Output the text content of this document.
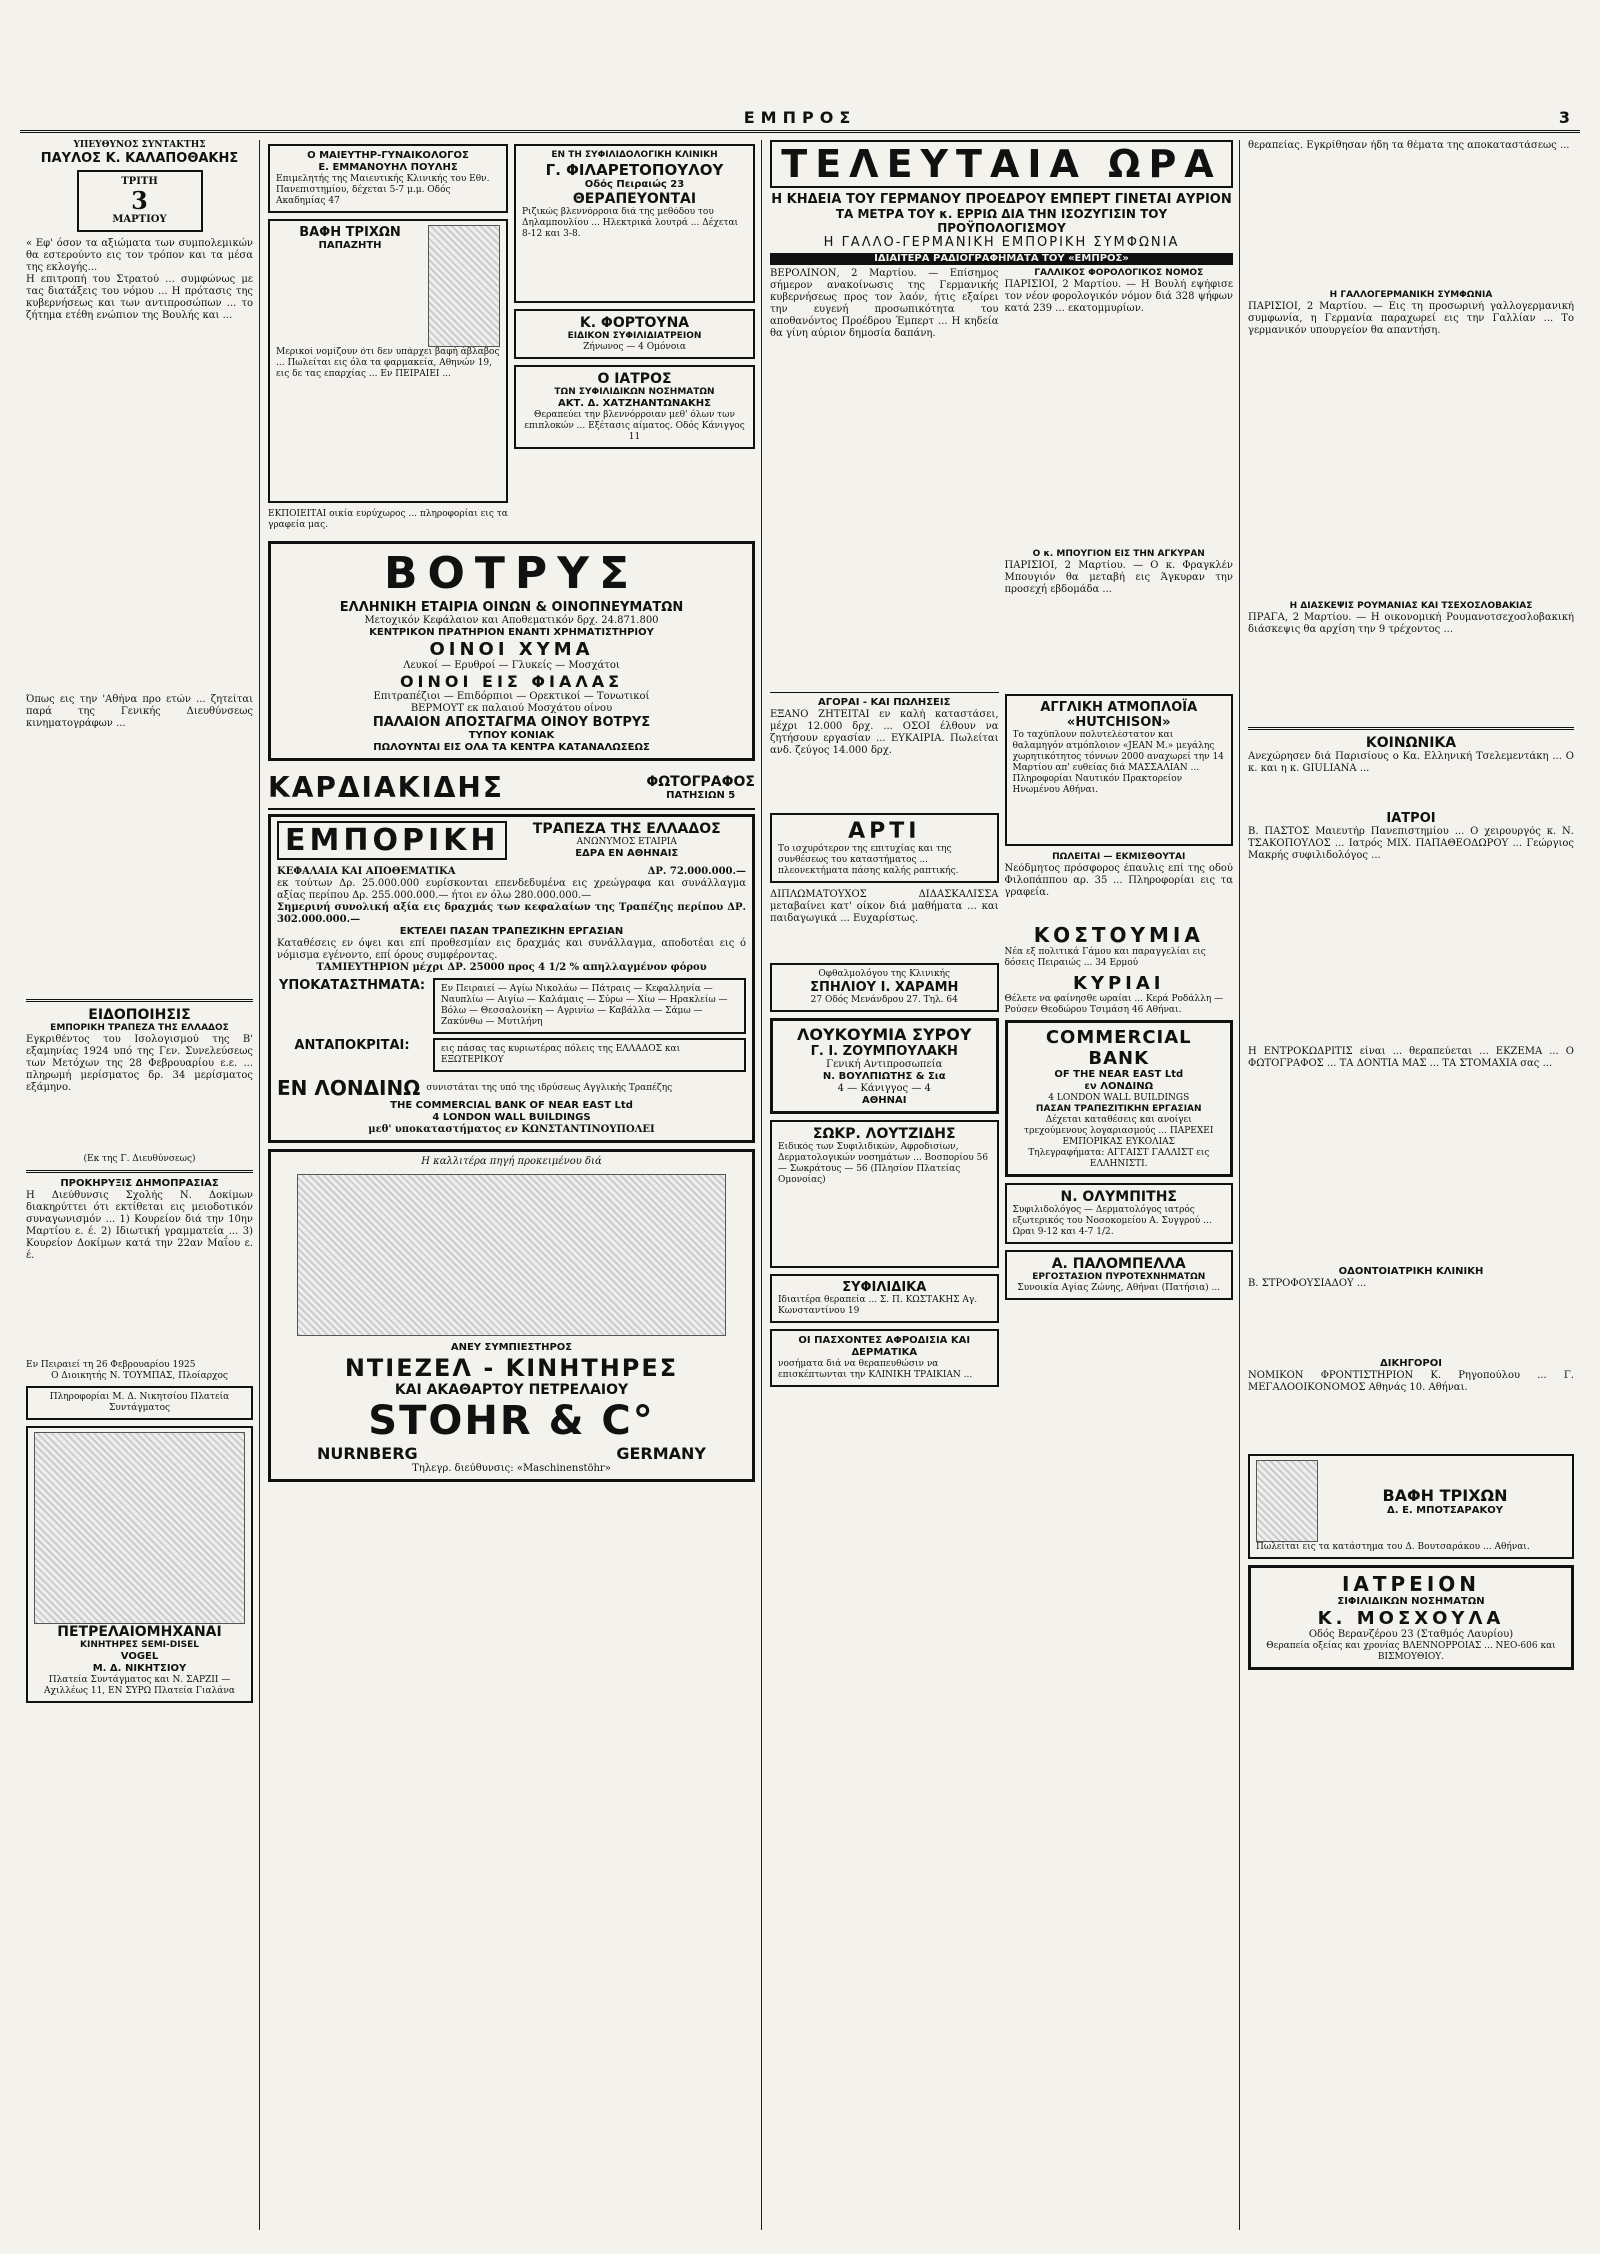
ΕΜΠΡΟΣ	3
ΥΠΕΥΘΥΝΟΣ ΣΥΝΤΑΚΤΗΣ
ΠΑΥΛΟΣ Κ. ΚΑΛΑΠΟΘΑΚΗΣ
ΤΡΙΤΗ
3
ΜΑΡΤΙΟΥ
« Εφ' όσον τα αξιώματα των συμπολεμικών θα εστερούντο εις τον τρόπον και τα μέσα της εκλογής...
Η επιτροπή του Στρατού ... συμφώνως με τας διατάξεις του νόμου ... Η πρότασις της κυβερνήσεως και των αντιπροσώπων ... το ζήτημα ετέθη ενώπιον της Βουλής και ...
Όπως εις την 'Αθήνα προ ετών ... ζητείται παρά της Γενικής Διευθύνσεως κινηματογράφων ...
ΕΙΔΟΠΟΙΗΣΙΣ
ΕΜΠΟΡΙΚΗ ΤΡΑΠΕΖΑ ΤΗΣ ΕΛΛΑΔΟΣ
Εγκριθέντος του Ισολογισμού της Β' εξαμηνίας 1924 υπό της Γεν. Συνελεύσεως των Μετόχων της 28 Φεβρουαρίου ε.ε. ... πληρωμή μερίσματος δρ. 34 μερίσματος εξάμηνο.
(Εκ της Γ. Διευθύνσεως)
ΠΡΟΚΗΡΥΞΙΣ ΔΗΜΟΠΡΑΣΙΑΣ
Η Διεύθυνσις Σχολής Ν. Δοκίμων διακηρύττει ότι εκτίθεται εις μειοδοτικόν συναγωνισμόν ... 1) Κουρείον διά την 10ην Μαρτίου ε. έ. 2) Ιδιωτική γραμματεία ... 3) Κουρείον Δοκίμων κατά την 22αν Μαΐου ε. έ.
Εν Πειραιεί τη 26 Φεβρουαρίου 1925
Ο Διοικητής Ν. ΤΟΥΜΠΑΣ, Πλοίαρχος
Πληροφορίαι Μ. Δ. Νικητσίου Πλατεία Συντάγματος
ΠΕΤΡΕΛΑΙΟΜΗΧΑΝΑΙ
ΚΙΝΗΤΗΡΕΣ SEMI-DISEL
VOGEL
Μ. Δ. ΝΙΚΗΤΣΙΟΥ
Πλατεία Συντάγματος και Ν. ΣΑΡΖΙΙ — Αχιλλέως 11, ΕΝ ΣΥΡΩ Πλατεία Γιαλάνα
Ο ΜΑΙΕΥΤΗΡ-ΓΥΝΑΙΚΟΛΟΓΟΣ
Ε. ΕΜΜΑΝΟΥΗΛ ΠΟΥΛΗΣ
Επιμελητής της Μαιευτικής Κλινικής του Εθν. Πανεπιστημίου, δέχεται 5-7 μ.μ. Οδός Ακαδημίας 47
ΒΑΦΗ ΤΡΙΧΩΝ
ΠΑΠΑΖΗΤΗ
Μερικοί νομίζουν ότι δεν υπάρχει βαφή άβλαβος ... Πωλείται εις όλα τα φαρμακεία, Αθηνών 19, εις δε τας επαρχίας ... Εν ΠΕΙΡΑΙΕΙ ...
ΕΚΠΟΙΕΙΤΑΙ οικία ευρύχωρος ... πληροφορίαι εις τα γραφεία μας.
ΕΝ ΤΗ ΣΥΦΙΛΙΔΟΛΟΓΙΚΗ ΚΛΙΝΙΚΗ
Γ. ΦΙΛΑΡΕΤΟΠΟΥΛΟΥ
Οδός Πειραιώς 23
ΘΕΡΑΠΕΥΟΝΤΑΙ
Ριζικώς βλεννόρροια διά της μεθόδου του Δηλαμπουλίου ... Ηλεκτρικά λουτρά ... Δέχεται 8-12 και 3-8.
Κ. ΦΟΡΤΟΥΝΑ
ΕΙΔΙΚΟΝ ΣΥΦΙΛΙΔΙΑΤΡΕΙΟΝ
Ζήνωνος — 4 Ομόνοια
Ο ΙΑΤΡΟΣ
ΤΩΝ ΣΥΦΙΛΙΔΙΚΩΝ ΝΟΣΗΜΑΤΩΝ
ΑΚΤ. Δ. ΧΑΤΖΗΑΝΤΩΝΑΚΗΣ
Θεραπεύει την βλεννόρροιαν μεθ' όλων των επιπλοκών ... Εξέτασις αίματος. Οδός Κάνιγγος 11
ΒΟΤΡΥΣ
ΕΛΛΗΝΙΚΗ ΕΤΑΙΡΙΑ ΟΙΝΩΝ & ΟΙΝΟΠΝΕΥΜΑΤΩΝ
Μετοχικόν Κεφάλαιον και Αποθεματικόν δρχ. 24.871.800
ΚΕΝΤΡΙΚΟΝ ΠΡΑΤΗΡΙΟΝ ΕΝΑΝΤΙ ΧΡΗΜΑΤΙΣΤΗΡΙΟΥ
ΟΙΝΟΙ ΧΥΜΑ
Λευκοί — Ερυθροί — Γλυκείς — Μοσχάτοι
ΟΙΝΟΙ ΕΙΣ ΦΙΑΛΑΣ
Επιτραπέζιοι — Επιδόρπιοι — Ορεκτικοί — Τονωτικοί
ΒΕΡΜΟΥΤ εκ παλαιού Μοσχάτου οίνου
ΠΑΛΑΙΟΝ ΑΠΟΣΤΑΓΜΑ ΟΙΝΟΥ ΒΟΤΡΥΣ
ΤΥΠΟΥ ΚΟΝΙΑΚ
ΠΩΛΟΥΝΤΑΙ ΕΙΣ ΟΛΑ ΤΑ ΚΕΝΤΡΑ ΚΑΤΑΝΑΛΩΣΕΩΣ
ΚΑΡΔΙΑΚΙΔΗΣ	ΦΩΤΟΓΡΑΦΟΣ
ΠΑΤΗΣΙΩΝ 5
ΕΜΠΟΡΙΚΗ	ΤΡΑΠΕΖΑ ΤΗΣ ΕΛΛΑΔΟΣ
ΑΝΩΝΥΜΟΣ ΕΤΑΙΡΙΑ
ΕΔΡΑ ΕΝ ΑΘΗΝΑΙΣ
ΚΕΦΑΛΑΙΑ ΚΑΙ ΑΠΟΘΕΜΑΤΙΚΑ	ΔΡ. 72.000.000.—
εκ τούτων Δρ. 25.000.000 ευρίσκονται επενδεδυμένα εις χρεώγραφα και συνάλλαγμα αξίας περίπου Δρ. 255.000.000.— ήτοι εν όλω 280.000.000.—
Σημερινή συνολική αξία εις δραχμάς των κεφαλαίων της Τραπέζης περίπου ΔΡ. 302.000.000.—
ΕΚΤΕΛΕΙ ΠΑΣΑΝ ΤΡΑΠΕΖΙΚΗΝ ΕΡΓΑΣΙΑΝ
Καταθέσεις εν όψει και επί προθεσμίαν εις δραχμάς και συνάλλαγμα, αποδοτέαι εις ό νόμισμα εγένοντο, επί όρους συμφέροντας.
ΤΑΜΙΕΥΤΗΡΙΟΝ μέχρι ΔΡ. 25000 προς 4 1/2 % απηλλαγμένον φόρου
ΥΠΟΚΑΤΑΣΤΗΜΑΤΑ:	Εν Πειραιεί — Αγίω Νικολάω — Πάτραις — Κεφαλληνία — Ναυπλίω — Αιγίω — Καλάμαις — Σύρω — Χίω — Ηρακλείω — Βόλω — Θεσσαλονίκη — Αγρινίω — Καβάλλα — Σάμω — Ζακύνθω — Μυτιλήνη
ΑΝΤΑΠΟΚΡΙΤΑΙ:	εις πάσας τας κυριωτέρας πόλεις της ΕΛΛΑΔΟΣ και ΕΞΩΤΕΡΙΚΟΥ
ΕΝ ΛΟΝΔΙΝΩ συνιστάται της υπό της ιδρύσεως Αγγλικής Τραπέζης
THE COMMERCIAL BANK OF NEAR EAST Ltd
4 LONDON WALL BUILDINGS
μεθ' υποκαταστήματος εν ΚΩΝΣΤΑΝΤΙΝΟΥΠΟΛΕΙ
Η καλλιτέρα πηγή προκειμένου διά
ΑΝΕΥ ΣΥΜΠΙΕΣΤΗΡΟΣ
ΝΤΙΕΖΕΛ - ΚΙΝΗΤΗΡΕΣ
ΚΑΙ ΑΚΑΘΑΡΤΟΥ ΠΕΤΡΕΛΑΙΟΥ
STOHR & C°
NURNBERG	GERMANY
Τηλεγρ. διεύθυνσις: «Maschinenstöhr»
ΤΕΛΕΥΤΑΙΑ ΩΡΑ
Η ΚΗΔΕΙΑ ΤΟΥ ΓΕΡΜΑΝΟΥ ΠΡΟΕΔΡΟΥ ΕΜΠΕΡΤ ΓΙΝΕΤΑΙ ΑΥΡΙΟΝ
ΤΑ ΜΕΤΡΑ ΤΟΥ κ. ΕΡΡΙΩ ΔΙΑ ΤΗΝ ΙΣΟΖΥΓΙΣΙΝ ΤΟΥ ΠΡΟΫΠΟΛΟΓΙΣΜΟΥ
Η ΓΑΛΛΟ-ΓΕΡΜΑΝΙΚΗ ΕΜΠΟΡΙΚΗ ΣΥΜΦΩΝΙΑ
ΙΔΙΑΙΤΕΡΑ ΡΑΔΙΟΓΡΑΦΗΜΑΤΑ ΤΟΥ «ΕΜΠΡΟΣ»
ΒΕΡΟΛΙΝΟΝ, 2 Μαρτίου. — Επίσημος σήμερον ανακοίνωσις της Γερμανικής κυβερνήσεως προς τον λαόν, ήτις εξαίρει την ευγενή προσωπικότητα του αποθανόντος Προέδρου Έμπερτ ... Η κηδεία θα γίνη αύριον δημοσία δαπάνη.
ΑΓΟΡΑΙ - ΚΑΙ ΠΩΛΗΣΕΙΣ
ΕΞΑΝΟ ΖΗΤΕΙΤΑΙ εν καλή καταστάσει, μέχρι 12.000 δρχ. ... ΟΣΟΙ έλθουν να ζητήσουν εργασίαν ... ΕΥΚΑΙΡΙΑ. Πωλείται ανδ. ζεύγος 14.000 δρχ.
ΑΡΤΙ
Το ισχυρότερον της επιτυχίας και της συνθέσεως του καταστήματος ... πλεονεκτήματα πάσης καλής ραπτικής.
ΔΙΠΛΩΜΑΤΟΥΧΟΣ ΔΙΔΑΣΚΑΛΙΣΣΑ μεταβαίνει κατ' οίκον διά μαθήματα ... και παιδαγωγικά ... Ευχαρίστως.
Οφθαλμολόγου της Κλινικής
ΣΠΗΛΙΟΥ Ι. ΧΑΡΑΜΗ
27 Οδός Μενάνδρου 27. Τηλ. 64
ΛΟΥΚΟΥΜΙΑ ΣΥΡΟΥ
Γ. Ι. ΖΟΥΜΠΟΥΛΑΚΗ
Γενική Αντιπροσωπεία
Ν. ΒΟΥΛΠΙΩΤΗΣ & Σια
4 — Κάνιγγος — 4
ΑΘΗΝΑΙ
ΣΩΚΡ. ΛΟΥΤΖΙΔΗΣ
Ειδικός των Συφιλιδικών, Αφροδισίων, Δερματολογικών νοσημάτων ... Βοσπορίου 56 — Σωκράτους — 56 (Πλησίον Πλατείας Ομονοίας)
ΣΥΦΙΛΙΔΙΚΑ
Ιδιαιτέρα θεραπεία ... Σ. Π. ΚΩΣΤΑΚΗΣ Αγ. Κωνσταντίνου 19
ΟΙ ΠΑΣΧΟΝΤΕΣ ΑΦΡΟΔΙΣΙΑ ΚΑΙ ΔΕΡΜΑΤΙΚΑ
νοσήματα διά να θεραπευθώσιν να επισκέπτωνται την ΚΛΙΝΙΚΗ ΤΡΑΙΚΙΑΝ ...
ΓΑΛΛΙΚΟΣ ΦΟΡΟΛΟΓΙΚΟΣ ΝΟΜΟΣ
ΠΑΡΙΣΙΟΙ, 2 Μαρτίου. — Η Βουλή εψήφισε τον νέον φορολογικόν νόμον διά 328 ψήφων κατά 239 ... εκατομμυρίων.
Ο κ. ΜΠΟΥΓΙΟΝ ΕΙΣ ΤΗΝ ΑΓΚΥΡΑΝ
ΠΑΡΙΣΙΟΙ, 2 Μαρτίου. — Ο κ. Φραγκλέν Μπουγιόν θα μεταβή εις Άγκυραν την προσεχή εβδομάδα ...
ΑΓΓΛΙΚΗ ΑΤΜΟΠΛΟΪΑ «HUTCHISON»
Το ταχύπλουν πολυτελέστατον και θαλαμηγόν ατμόπλοιον «JEAN M.» μεγάλης χωρητικότητος τόννων 2000 αναχωρεί την 14 Μαρτίου απ' ευθείας διά ΜΑΣΣΑΛΙΑΝ ... Πληροφορίαι Ναυτικόν Πρακτορείον Ηνωμένου Αθήναι.
ΠΩΛΕΙΤΑΙ — ΕΚΜΙΣΘΟΥΤΑΙ
Νεόδμητος πρόσφορος έπαυλις επί της οδού Φιλοπάππου αρ. 35 ... Πληροφορίαι εις τα γραφεία.
ΚΟΣΤΟΥΜΙΑ
Νέα εξ πολιτικά Γάμου και παραγγελίαι εις δόσεις Πειραιώς ... 34 Ερμού
ΚΥΡΙΑΙ
Θέλετε να φαίνησθε ωραίαι ... Κερά Ροδάλλη — Ρούσεν Θεοδώρου Τσιμάση 46 Αθήναι.
COMMERCIAL BANK
OF THE NEAR EAST Ltd
εν ΛΟΝΔΙΝΩ
4 LONDON WALL BUILDINGS
ΠΑΣΑΝ ΤΡΑΠΕΖΙΤΙΚΗΝ ΕΡΓΑΣΙΑΝ
Δέχεται καταθέσεις και ανοίγει τρεχούμενους λογαριασμούς ... ΠΑΡΕΧΕΙ ΕΜΠΟΡΙΚΑΣ ΕΥΚΟΛΙΑΣ
Τηλεγραφήματα: ΑΓΓΑΙΣΤ ΓΑΛΛΙΣΤ εις ΕΛΛΗΝΙΣΤΙ.
Ν. ΟΛΥΜΠΙΤΗΣ
Συφιλιδολόγος — Δερματολόγος ιατρός εξωτερικός του Νοσοκομείου Α. Συγγρού ... Ωραι 9-12 και 4-7 1/2.
Α. ΠΑΛΟΜΠΕΛΛΑ
ΕΡΓΟΣΤΑΣΙΟΝ ΠΥΡΟΤΕΧΝΗΜΑΤΩΝ
Συνοικία Αγίας Ζώνης, Αθήναι (Πατήσια) ...
θεραπείας. Εγκρίθησαν ήδη τα θέματα της αποκαταστάσεως ...
Η ΓΑΛΛΟΓΕΡΜΑΝΙΚΗ ΣΥΜΦΩΝΙΑ
ΠΑΡΙΣΙΟΙ, 2 Μαρτίου. — Εις τη προσωρινή γαλλογερμανική συμφωνία, η Γερμανία παραχωρεί εις την Γαλλίαν ... Το γερμανικόν υπουργείον θα απαντήση.
Η ΔΙΑΣΚΕΨΙΣ ΡΟΥΜΑΝΙΑΣ ΚΑΙ ΤΣΕΧΟΣΛΟΒΑΚΙΑΣ
ΠΡΑΓΑ, 2 Μαρτίου. — Η οικονομική Ρουμανοτσεχοσλοβακική διάσκεψις θα αρχίση την 9 τρέχοντος ...
ΚΟΙΝΩΝΙΚΑ
Ανεχώρησεν διά Παρισίους ο Κα. Ελληνική Τσελεμεντάκη ... Ο κ. και η κ. GIULIANA ...
ΙΑΤΡΟΙ
Β. ΠΑΣΤΟΣ Μαιευτήρ Πανεπιστημίου ... Ο χειρουργός κ. Ν. ΤΣΑΚΟΠΟΥΛΟΣ ... Ιατρός ΜΙΧ. ΠΑΠΑΘΕΟΔΩΡΟΥ ... Γεώργιος Μακρής συφιλιδολόγος ...
Η ΕΝΤΡΟΚΩΔΡΙΤΙΣ είναι ... θεραπεύεται ... ΕΚΖΕΜΑ ... Ο ΦΩΤΟΓΡΑΦΟΣ ... ΤΑ ΔΟΝΤΙΑ ΜΑΣ ... ΤΑ ΣΤΟΜΑΧΙΑ σας ...
ΟΔΟΝΤΟΙΑΤΡΙΚΗ ΚΛΙΝΙΚΗ
Β. ΣΤΡΟΦΟΥΣΙΑΔΟΥ ...
ΔΙΚΗΓΟΡΟΙ
ΝΟΜΙΚΟΝ ΦΡΟΝΤΙΣΤΗΡΙΟΝ Κ. Ρηγοπούλου ... Γ. ΜΕΓΑΛΟΟΙΚΟΝΟΜΟΣ Αθηνάς 10. Αθήναι.
ΒΑΦΗ ΤΡΙΧΩΝ
Δ. Ε. ΜΠΟΤΣΑΡΑΚΟΥ
Πωλείται εις τα κατάστημα του Δ. Βουτσαράκου ... Αθήναι.
ΙΑΤΡΕΙΟΝ
ΣΙΦΙΛΙΔΙΚΩΝ ΝΟΣΗΜΑΤΩΝ
Κ. ΜΟΣΧΟΥΛΑ
Οδός Βερανζέρου 23 (Σταθμός Λαυρίου)
Θεραπεία οξείας και χρονίας ΒΛΕΝΝΟΡΡΟΙΑΣ ... ΝΕΟ-606 και ΒΙΣΜΟΥΘΙΟΥ.
